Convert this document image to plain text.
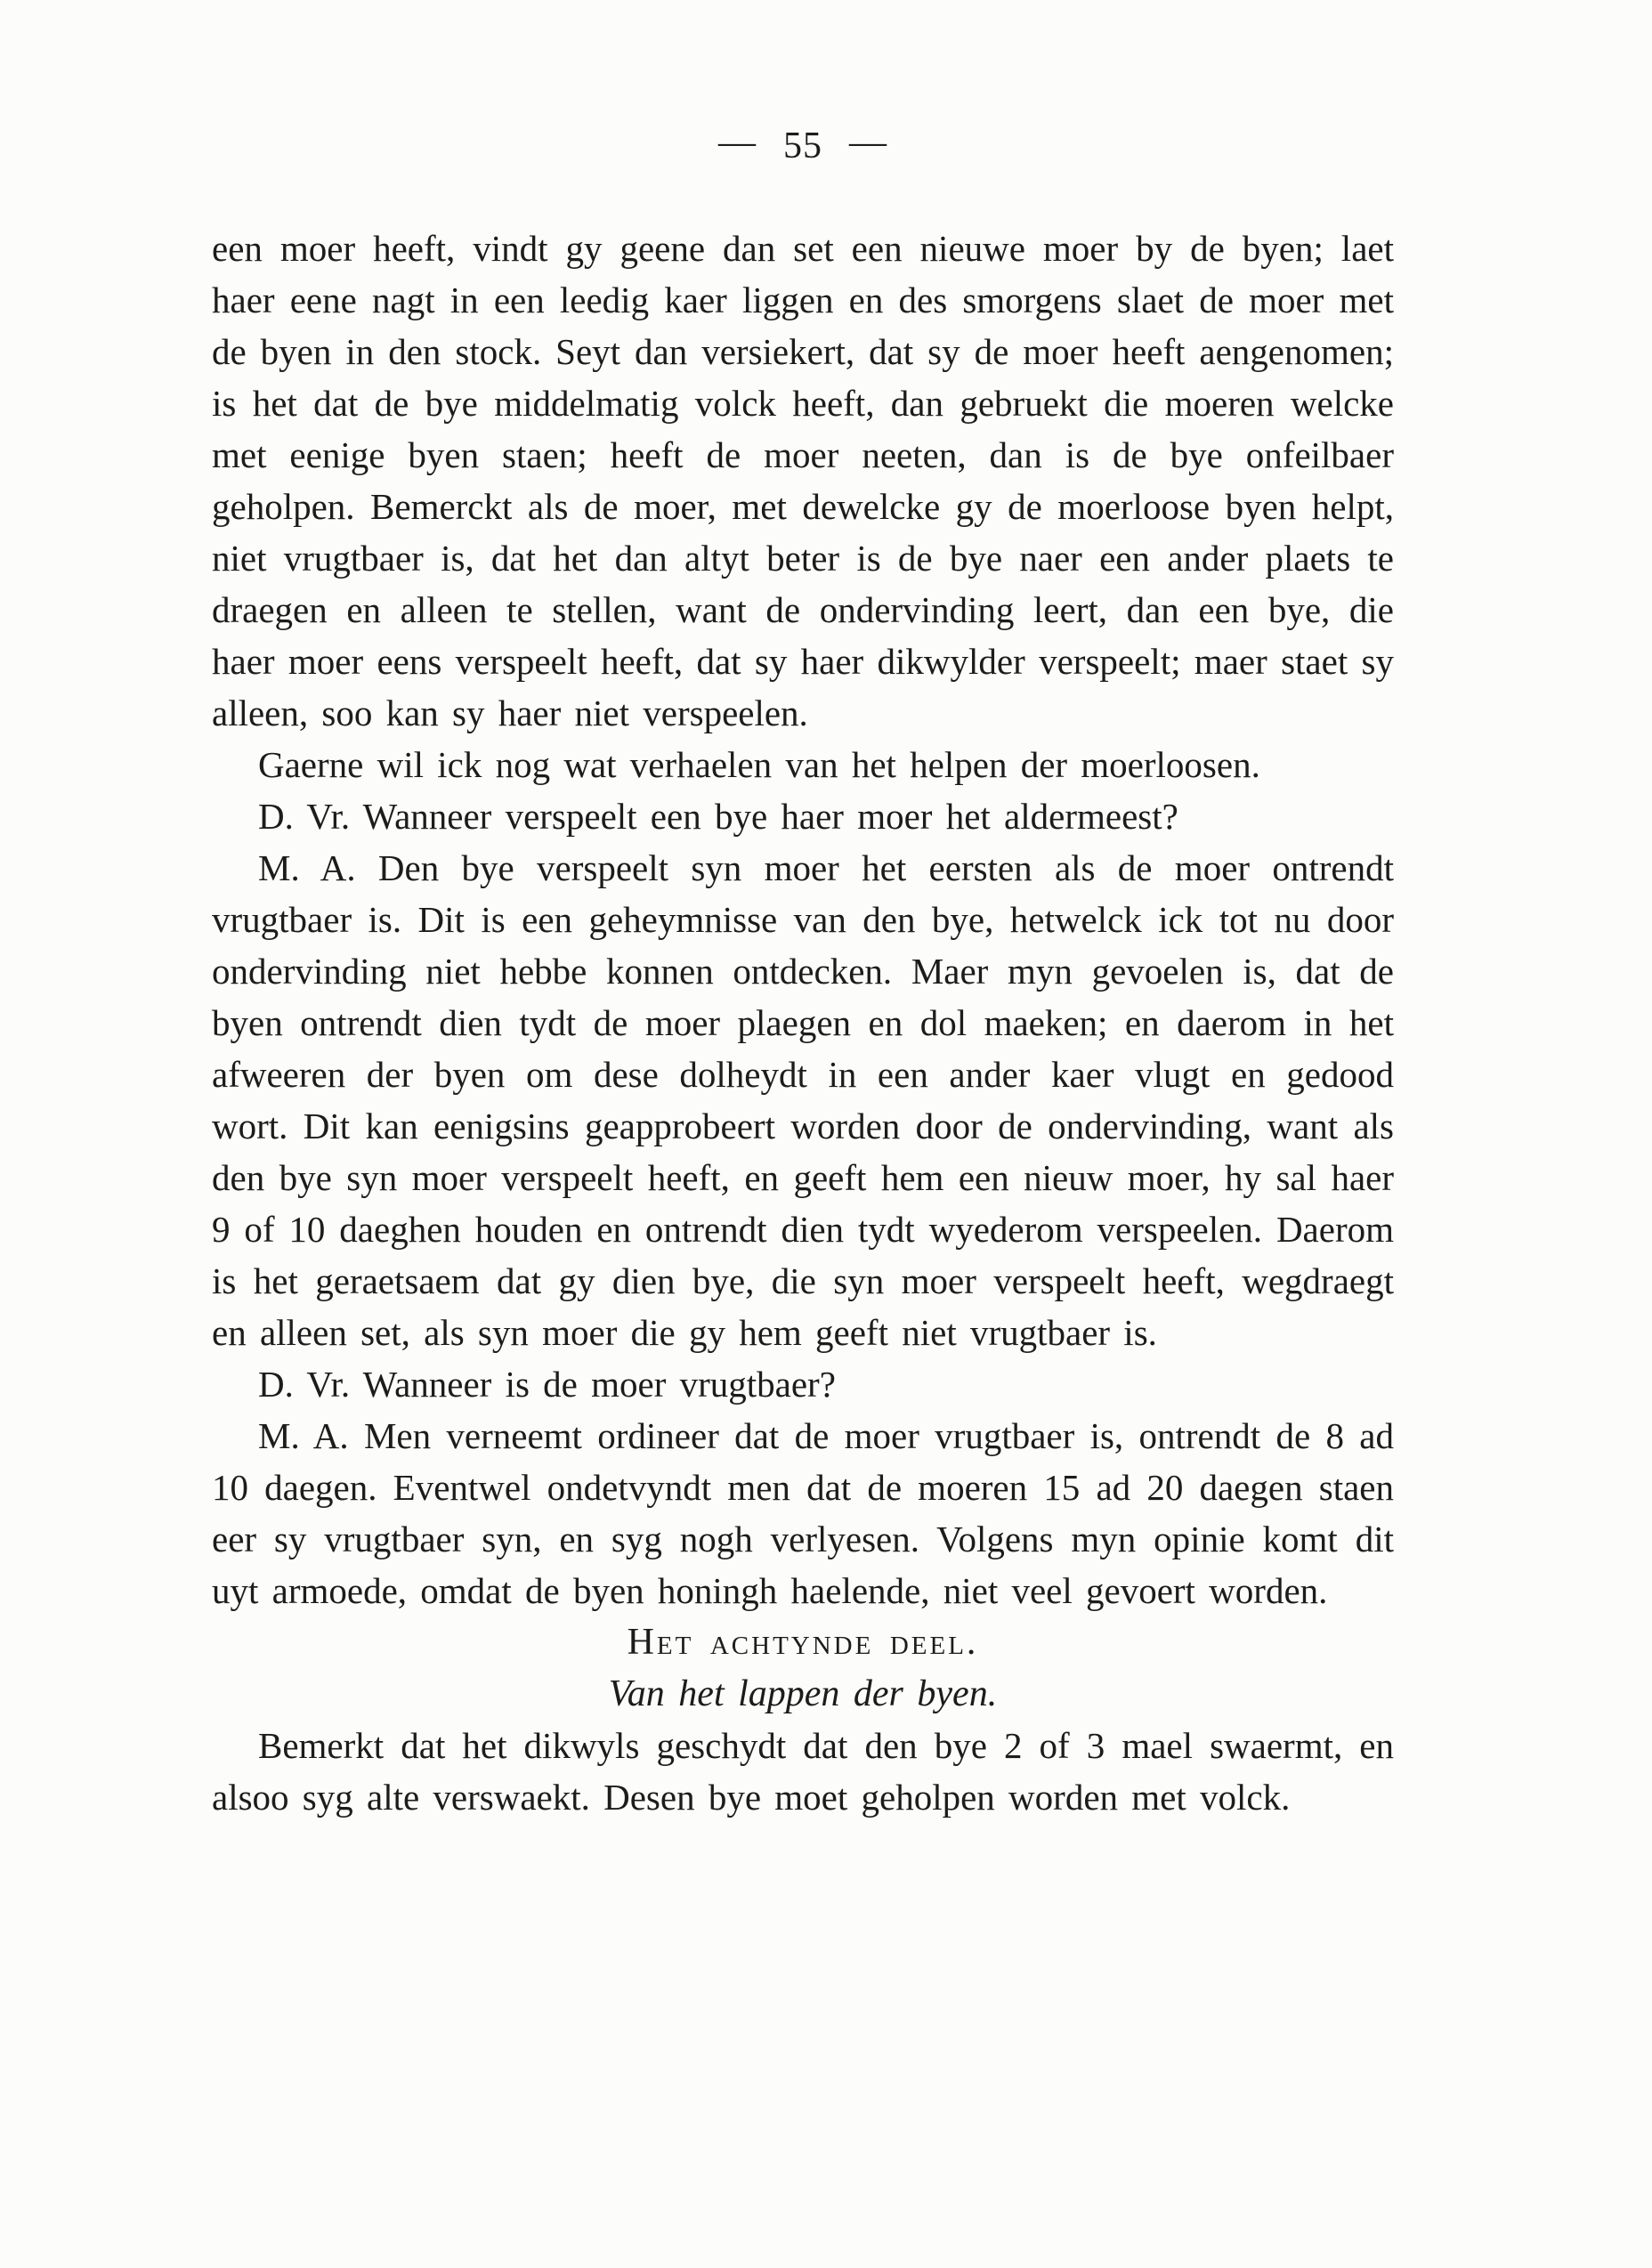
— 55 —

een moer heeft, vindt gy geene dan set een nieuwe moer by de byen; laet haer eene nagt in een leedig kaer liggen en des smorgens slaet de moer met de byen in den stock. Seyt dan versiekert, dat sy de moer heeft aengenomen; is het dat de bye middelmatig volck heeft, dan gebruekt die moeren welcke met eenige byen staen; heeft de moer neeten, dan is de bye onfeilbaer geholpen. Bemerckt als de moer, met dewelcke gy de moerloose byen helpt, niet vrugtbaer is, dat het dan altyt beter is de bye naer een ander plaets te draegen en alleen te stellen, want de ondervinding leert, dan een bye, die haer moer eens verspeelt heeft, dat sy haer dikwylder verspeelt; maer staet sy alleen, soo kan sy haer niet verspeelen.

Gaerne wil ick nog wat verhaelen van het helpen der moerloosen.

D. Vr. Wanneer verspeelt een bye haer moer het aldermeest?

M. A. Den bye verspeelt syn moer het eersten als de moer ontrendt vrugtbaer is. Dit is een geheymnisse van den bye, hetwelck ick tot nu door ondervinding niet hebbe konnen ontdecken. Maer myn gevoelen is, dat de byen ontrendt dien tydt de moer plaegen en dol maeken; en daerom in het afweeren der byen om dese dolheydt in een ander kaer vlugt en gedood wort. Dit kan eenigsins geapprobeert worden door de ondervinding, want als den bye syn moer verspeelt heeft, en geeft hem een nieuw moer, hy sal haer 9 of 10 daeghen houden en ontrendt dien tydt wyederom verspeelen. Daerom is het geraetsaem dat gy dien bye, die syn moer verspeelt heeft, wegdraegt en alleen set, als syn moer die gy hem geeft niet vrugtbaer is.

D. Vr. Wanneer is de moer vrugtbaer?

M. A. Men verneemt ordineer dat de moer vrugtbaer is, ontrendt de 8 ad 10 daegen. Eventwel ondetvyndt men dat de moeren 15 ad 20 daegen staen eer sy vrugtbaer syn, en syg nogh verlyesen. Volgens myn opinie komt dit uyt armoede, omdat de byen honingh haelende, niet veel gevoert worden.

Het achtynde deel.

Van het lappen der byen.

Bemerkt dat het dikwyls geschydt dat den bye 2 of 3 mael swaermt, en alsoo syg alte verswaekt. Desen bye moet geholpen worden met volck.
